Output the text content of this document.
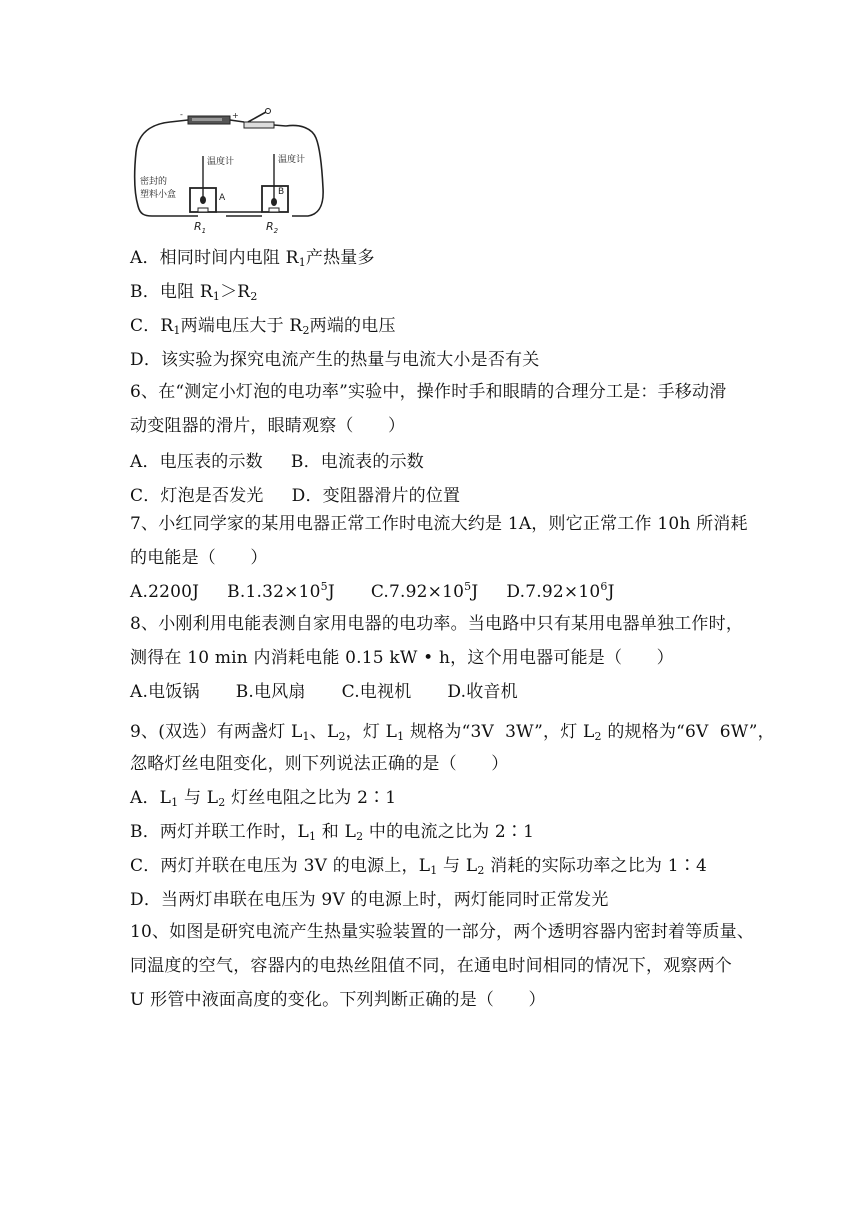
-	+
温度计
A
温度计
B
密封的
塑料小盒
$R_1$	$R_2$
A．相同时间内电阻 $R_1$产热量多
B．电阻 $R_1>R_2$
C．$R_1$两端电压大于 $R_2$两端的电压
D．该实验为探究电流产生的热量与电流大小是否有关
6、在“测定小灯泡的电功率”实验中，操作时手和眼睛的合理分工是：手移动滑
动变阻器的滑片，眼睛观察（　　）
A．电压表的示数 B．电流表的示数
C．灯泡是否发光 D．变阻器滑片的位置
7、小红同学家的某用电器正常工作时电流大约是 1A，则它正常工作 10h 所消耗
的电能是（　　）
A.2200J $B.1.32\times 10^5J$ $C.7.92\times 10^5J$ $D.7.92\times 10^6J$
8、小刚利用电能表测自家用电器的电功率。当电路中只有某用电器单独工作时，
测得在 10 min 内消耗电能 0.15 kW • h，这个用电器可能是（　　）
A.电饭锅 B.电风扇 C.电视机 D.收音机
9、(双选）有两盏灯 $L_1$、$L_2$，灯 $L_1$ 规格为“3V  3W”，灯 $L_2$ 的规格为“6V  6W”，
忽略灯丝电阻变化，则下列说法正确的是（　　）
A．$L_1$ 与 $L_2$ 灯丝电阻之比为 2∶1
B．两灯并联工作时，$L_1$ 和 $L_2$ 中的电流之比为 2∶1
C．两灯并联在电压为 3V 的电源上，$L_1$ 与 $L_2$ 消耗的实际功率之比为 1∶4
D．当两灯串联在电压为 9V 的电源上时，两灯能同时正常发光
10、如图是研究电流产生热量实验装置的一部分，两个透明容器内密封着等质量、
同温度的空气，容器内的电热丝阻值不同，在通电时间相同的情况下，观察两个
U 形管中液面高度的变化。下列判断正确的是（　　）
